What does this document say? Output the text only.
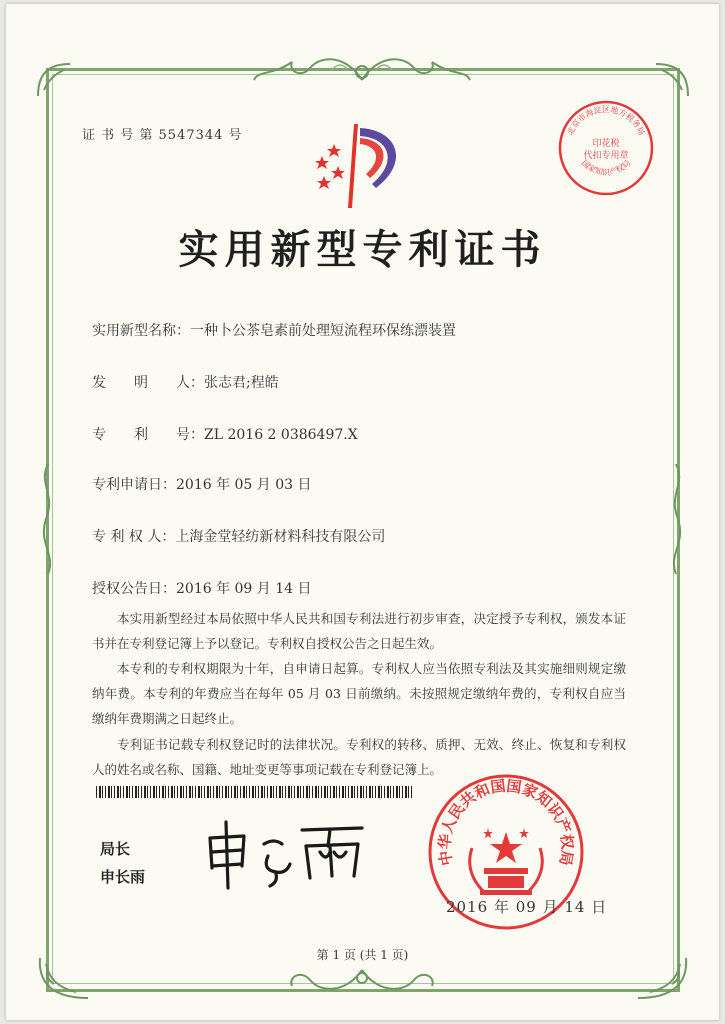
证 书 号 第 5547344 号	北京市海淀区地方税务局
印花税
代扣专用章
国家知识产权局
实用新型专利证书
实用新型名称：一种卜公茶皂素前处理短流程环保练漂装置
发　　明　　人：张志君;程皓
专　　利　　号：ZL 2016 2 0386497.X
专利申请日：2016 年 05 月 03 日
专 利 权 人：上海金堂轻纺新材料科技有限公司
授权公告日：2016 年 09 月 14 日
本实用新型经过本局依照中华人民共和国专利法进行初步审查，决定授予专利权，颁发本证书并在专利登记簿上予以登记。专利权自授权公告之日起生效。
本专利的专利权期限为十年，自申请日起算。专利权人应当依照专利法及其实施细则规定缴纳年费。本专利的年费应当在每年 05 月 03 日前缴纳。未按照规定缴纳年费的，专利权自应当缴纳年费期满之日起终止。
专利证书记载专利权登记时的法律状况。专利权的转移、质押、无效、终止、恢复和专利权人的姓名或名称、国籍、地址变更等事项记载在专利登记簿上。
局长
申长雨
中华人民共和国国家知识产权局
2016 年 09 月 14 日
第 1 页 (共 1 页)
